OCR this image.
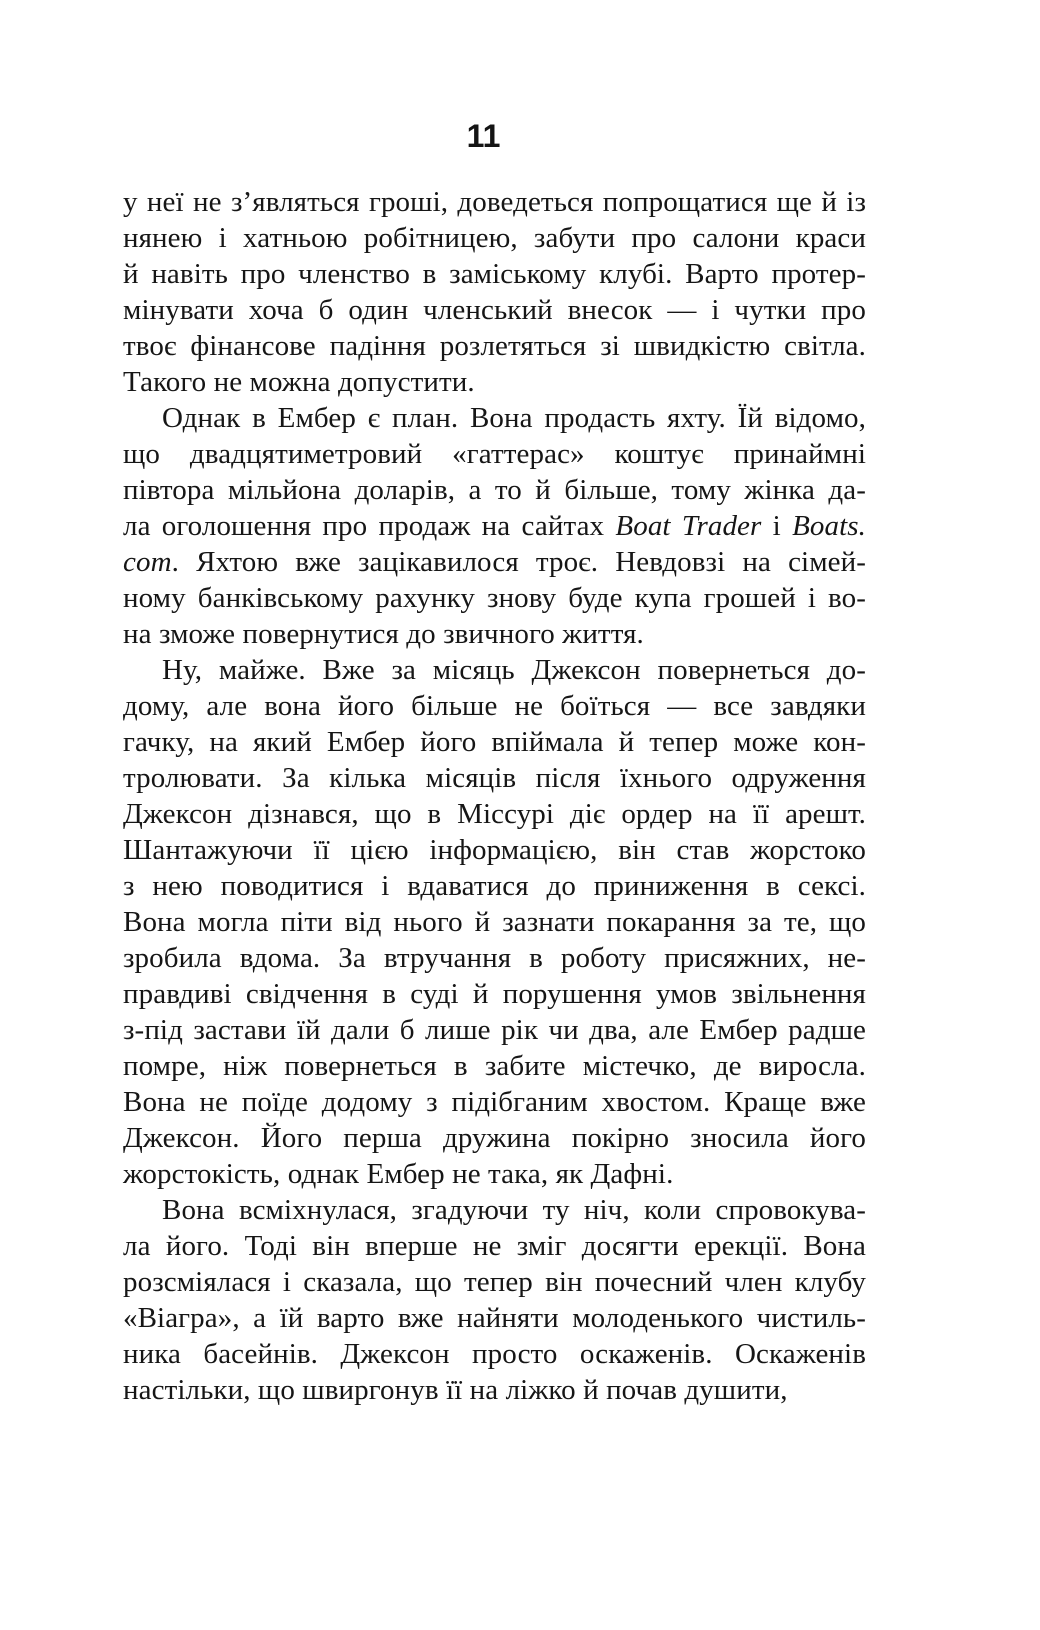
11
у неї не з’являться гроші, доведеться попрощатися ще й із
нянею і хатньою робітницею, забути про салони краси
й навіть про членство в заміському клубі. Варто протер-
мінувати хоча б один членський внесок — і чутки про
твоє фінансове падіння розлетяться зі швидкістю світла.
Такого не можна допустити.
Однак в Ембер є план. Вона продасть яхту. Їй відомо,
що двадцятиметровий «гаттерас» коштує принаймні
півтора мільйона доларів, а то й більше, тому жінка да-
ла оголошення про продаж на сайтах Boat Trader і Boats.
com. Яхтою вже зацікавилося троє. Невдовзі на сімей-
ному банківському рахунку знову буде купа грошей і во-
на зможе повернутися до звичного життя.
Ну, майже. Вже за місяць Джексон повернеться до-
дому, але вона його більше не боїться — все завдяки
гачку, на який Ембер його впіймала й тепер може кон-
тролювати. За кілька місяців після їхнього одруження
Джексон дізнався, що в Міссурі діє ордер на її арешт.
Шантажуючи її цією інформацією, він став жорстоко
з нею поводитися і вдаватися до приниження в сексі.
Вона могла піти від нього й зазнати покарання за те, що
зробила вдома. За втручання в роботу присяжних, не-
правдиві свідчення в суді й порушення умов звільнення
з-під застави їй дали б лише рік чи два, але Ембер радше
помре, ніж повернеться в забите містечко, де виросла.
Вона не поїде додому з підібганим хвостом. Краще вже
Джексон. Його перша дружина покірно зносила його
жорстокість, однак Ембер не така, як Дафні.
Вона всміхнулася, згадуючи ту ніч, коли спровокува-
ла його. Тоді він вперше не зміг досягти ерекції. Вона
розсміялася і сказала, що тепер він почесний член клубу
«Віагра», а їй варто вже найняти молоденького чистиль-
ника басейнів. Джексон просто оскаженів. Оскаженів
настільки, що швиргонув її на ліжко й почав душити,
